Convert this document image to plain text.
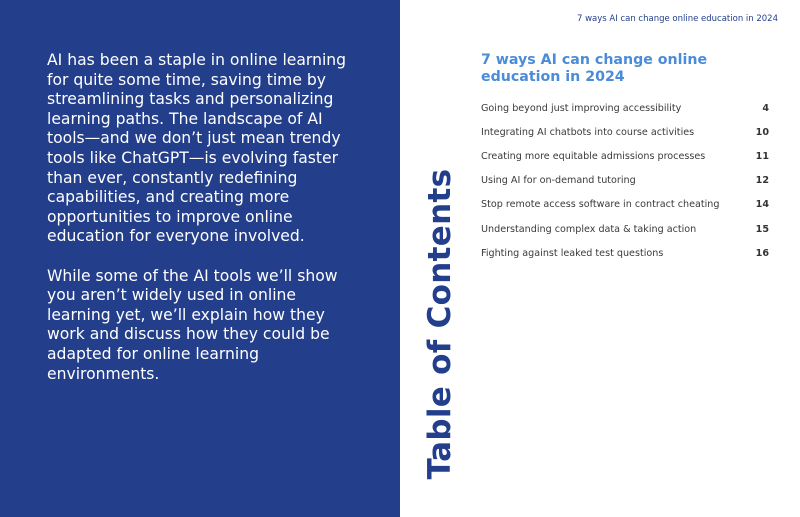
AI has been a staple in online learning for quite some time, saving time by streamlining tasks and personalizing learning paths. The landscape of AI tools—and we don’t just mean trendy tools like ChatGPT—is evolving faster than ever, constantly redefining capabilities, and creating more opportunities to improve online education for everyone involved.

While some of the AI tools we’ll show you aren’t widely used in online learning yet, we’ll explain how they work and discuss how they could be adapted for online learning environments.

7 ways AI can change online education in 2024
Table of Contents
7 ways AI can change online education in 2024
Going beyond just improving accessibility	4
Integrating AI chatbots into course activities	10
Creating more equitable admissions processes	11
Using AI for on-demand tutoring	12
Stop remote access software in contract cheating	14
Understanding complex data & taking action	15
Fighting against leaked test questions	16
